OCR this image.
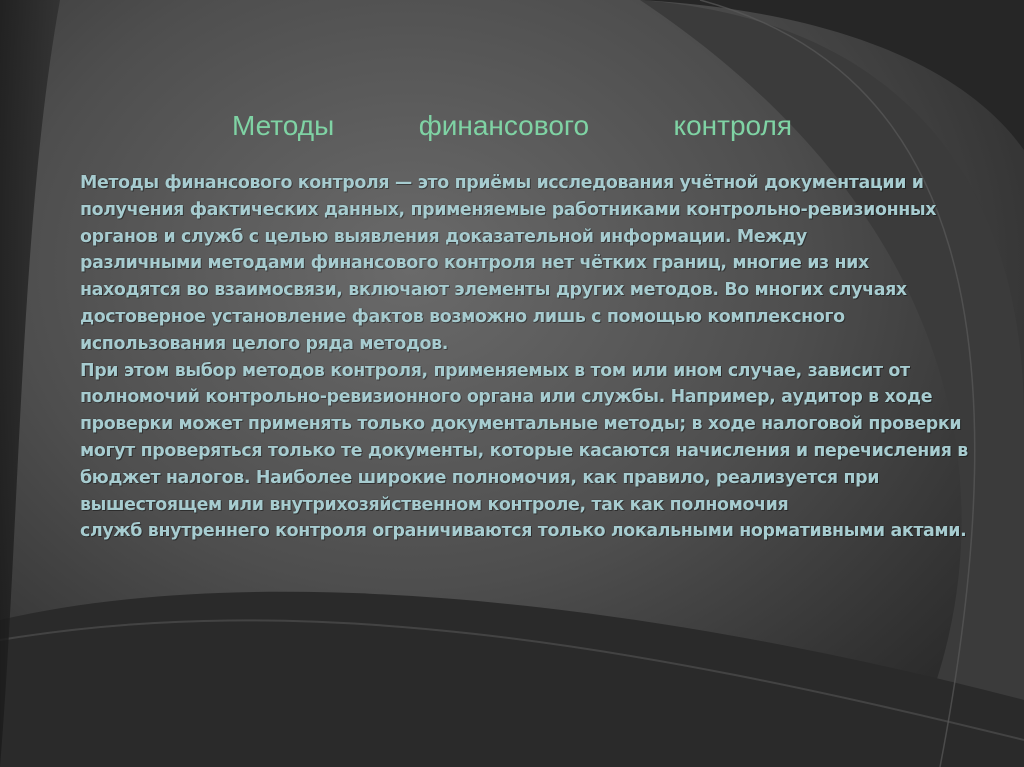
Методы финансового контроля
Методы финансового контроля — это приёмы исследования учётной документации и
получения фактических данных, применяемые работниками контрольно-ревизионных
органов и служб с целью выявления доказательной информации. Между
различными методами финансового контроля нет чётких границ, многие из них
находятся во взаимосвязи, включают элементы других методов. Во многих случаях
достоверное установление фактов возможно лишь с помощью комплексного
использования целого ряда методов.
При этом выбор методов контроля, применяемых в том или ином случае, зависит от
полномочий контрольно-ревизионного органа или службы. Например, аудитор в ходе
проверки может применять только документальные методы; в ходе налоговой проверки
могут проверяться только те документы, которые касаются начисления и перечисления в
бюджет налогов. Наиболее широкие полномочия, как правило, реализуется при
вышестоящем или внутрихозяйственном контроле, так как полномочия
служб внутреннего контроля ограничиваются только локальными нормативными актами.
